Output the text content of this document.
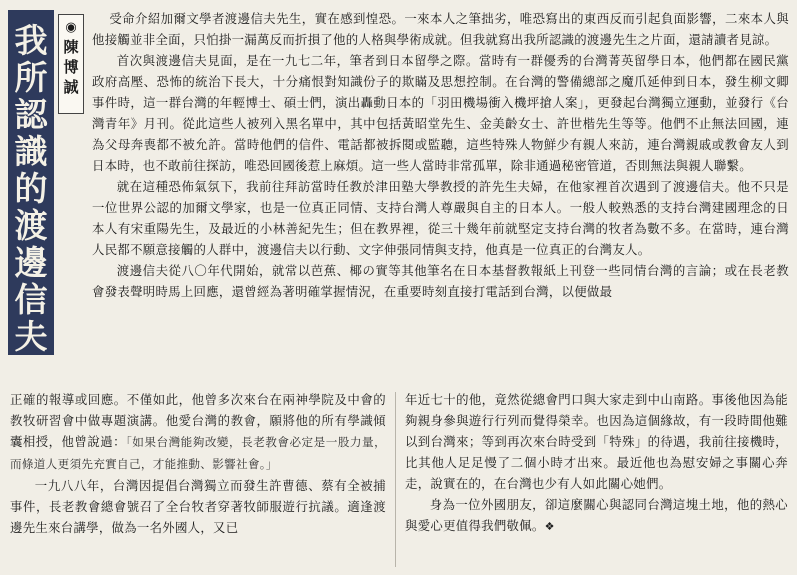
我
所
認
識
的
渡
邊
信
夫
◉
陳
博
誠

受命介紹加爾文學者渡邊信夫先生，實在感到惶恐。一來本人之筆拙劣，唯恐寫出的東西反而引起負面影響，二來本人與他接觸並非全面，只怕掛一漏萬反而折損了他的人格與學術成就。但我就寫出我所認識的渡邊先生之片面，還請讀者見諒。

首次與渡邊信夫見面，是在一九七二年，筆者到日本留學之際。當時有一群優秀的台灣菁英留學日本，他們都在國民黨政府高壓、恐怖的統治下長大，十分痛恨對知識份子的欺瞞及思想控制。在台灣的警備總部之魔爪延伸到日本，發生柳文卿事件時，這一群台灣的年輕博士、碩士們，演出轟動日本的「羽田機場衝入機坪搶人案」，更發起台灣獨立運動，並發行《台灣青年》月刊。從此這些人被列入黑名單中，其中包括黃昭堂先生、金美齡女士、許世楷先生等等。他們不止無法回國，連為父母奔喪都不被允許。當時他們的信件、電話都被拆閱或監聽，這些特殊人物鮮少有親人來訪，連台灣親戚或教會友人到日本時，也不敢前往探訪，唯恐回國後惹上麻煩。這一些人當時非常孤單，除非通過秘密管道，否則無法與親人聯繫。

就在這種恐佈氣氛下，我前往拜訪當時任教於津田塾大學教授的許先生夫婦，在他家裡首次遇到了渡邊信夫。他不只是一位世界公認的加爾文學家，也是一位真正同情、支持台灣人尊嚴與自主的日本人。一般人較熟悉的支持台灣建國理念的日本人有宋重陽先生，及最近的小林善紀先生；但在教界裡，從三十幾年前就堅定支持台灣的牧者為數不多。在當時，連台灣人民都不願意接觸的人群中，渡邊信夫以行動、文字伸張同情與支持，他真是一位真正的台灣友人。

渡邊信夫從八〇年代開始，就常以芭蕉、椰の實等其他筆名在日本基督教報紙上刊登一些同情台灣的言論；或在長老教會發表聲明時馬上回應，還曾經為著明確掌握情況，在重要時刻直接打電話到台灣，以便做最

正確的報導或回應。不僅如此，他曾多次來台在兩神學院及中會的教牧研習會中做專題演講。他愛台灣的教會，願將他的所有學識傾囊相授，他曾說過：「如果台灣能夠改變，長老教會必定是一股力量，而條道人更須先充實自己，才能推動、影響社會。」

一九八八年，台灣因提倡台灣獨立而發生許曹德、蔡有全被捕事件，長老教會總會號召了全台牧者穿著牧師服遊行抗議。適逢渡邊先生來台講學，做為一名外國人，又已

年近七十的他，竟然從總會門口與大家走到中山南路。事後他因為能夠親身參與遊行行列而覺得榮幸。也因為這個緣故，有一段時間他難以到台灣來；等到再次來台時受到「特殊」的待遇，我前往接機時，比其他人足足慢了二個小時才出來。最近他也為慰安婦之事關心奔走，說實在的，在台灣也少有人如此關心她們。

身為一位外國朋友，卻這麼關心與認同台灣這塊土地，他的熱心與愛心更值得我們敬佩。❖
